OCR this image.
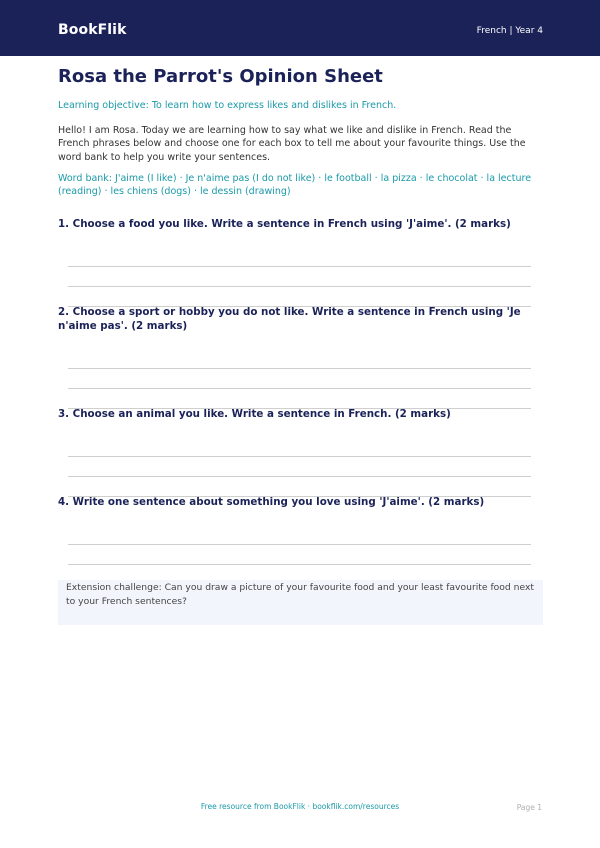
BookFlik	French | Year 4
Rosa the Parrot's Opinion Sheet
Learning objective: To learn how to express likes and dislikes in French.
Hello! I am Rosa. Today we are learning how to say what we like and dislike in French. Read the French phrases below and choose one for each box to tell me about your favourite things. Use the word bank to help you write your sentences.
Word bank: J'aime (I like) · Je n'aime pas (I do not like) · le football · la pizza · le chocolat · la lecture (reading) · les chiens (dogs) · le dessin (drawing)
1. Choose a food you like. Write a sentence in French using 'J'aime'. (2 marks)
2. Choose a sport or hobby you do not like. Write a sentence in French using 'Je n'aime pas'. (2 marks)
3. Choose an animal you like. Write a sentence in French. (2 marks)
4. Write one sentence about something you love using 'J'aime'. (2 marks)
Extension challenge: Can you draw a picture of your favourite food and your least favourite food next to your French sentences?
Free resource from BookFlik · bookflik.com/resources	Page 1
